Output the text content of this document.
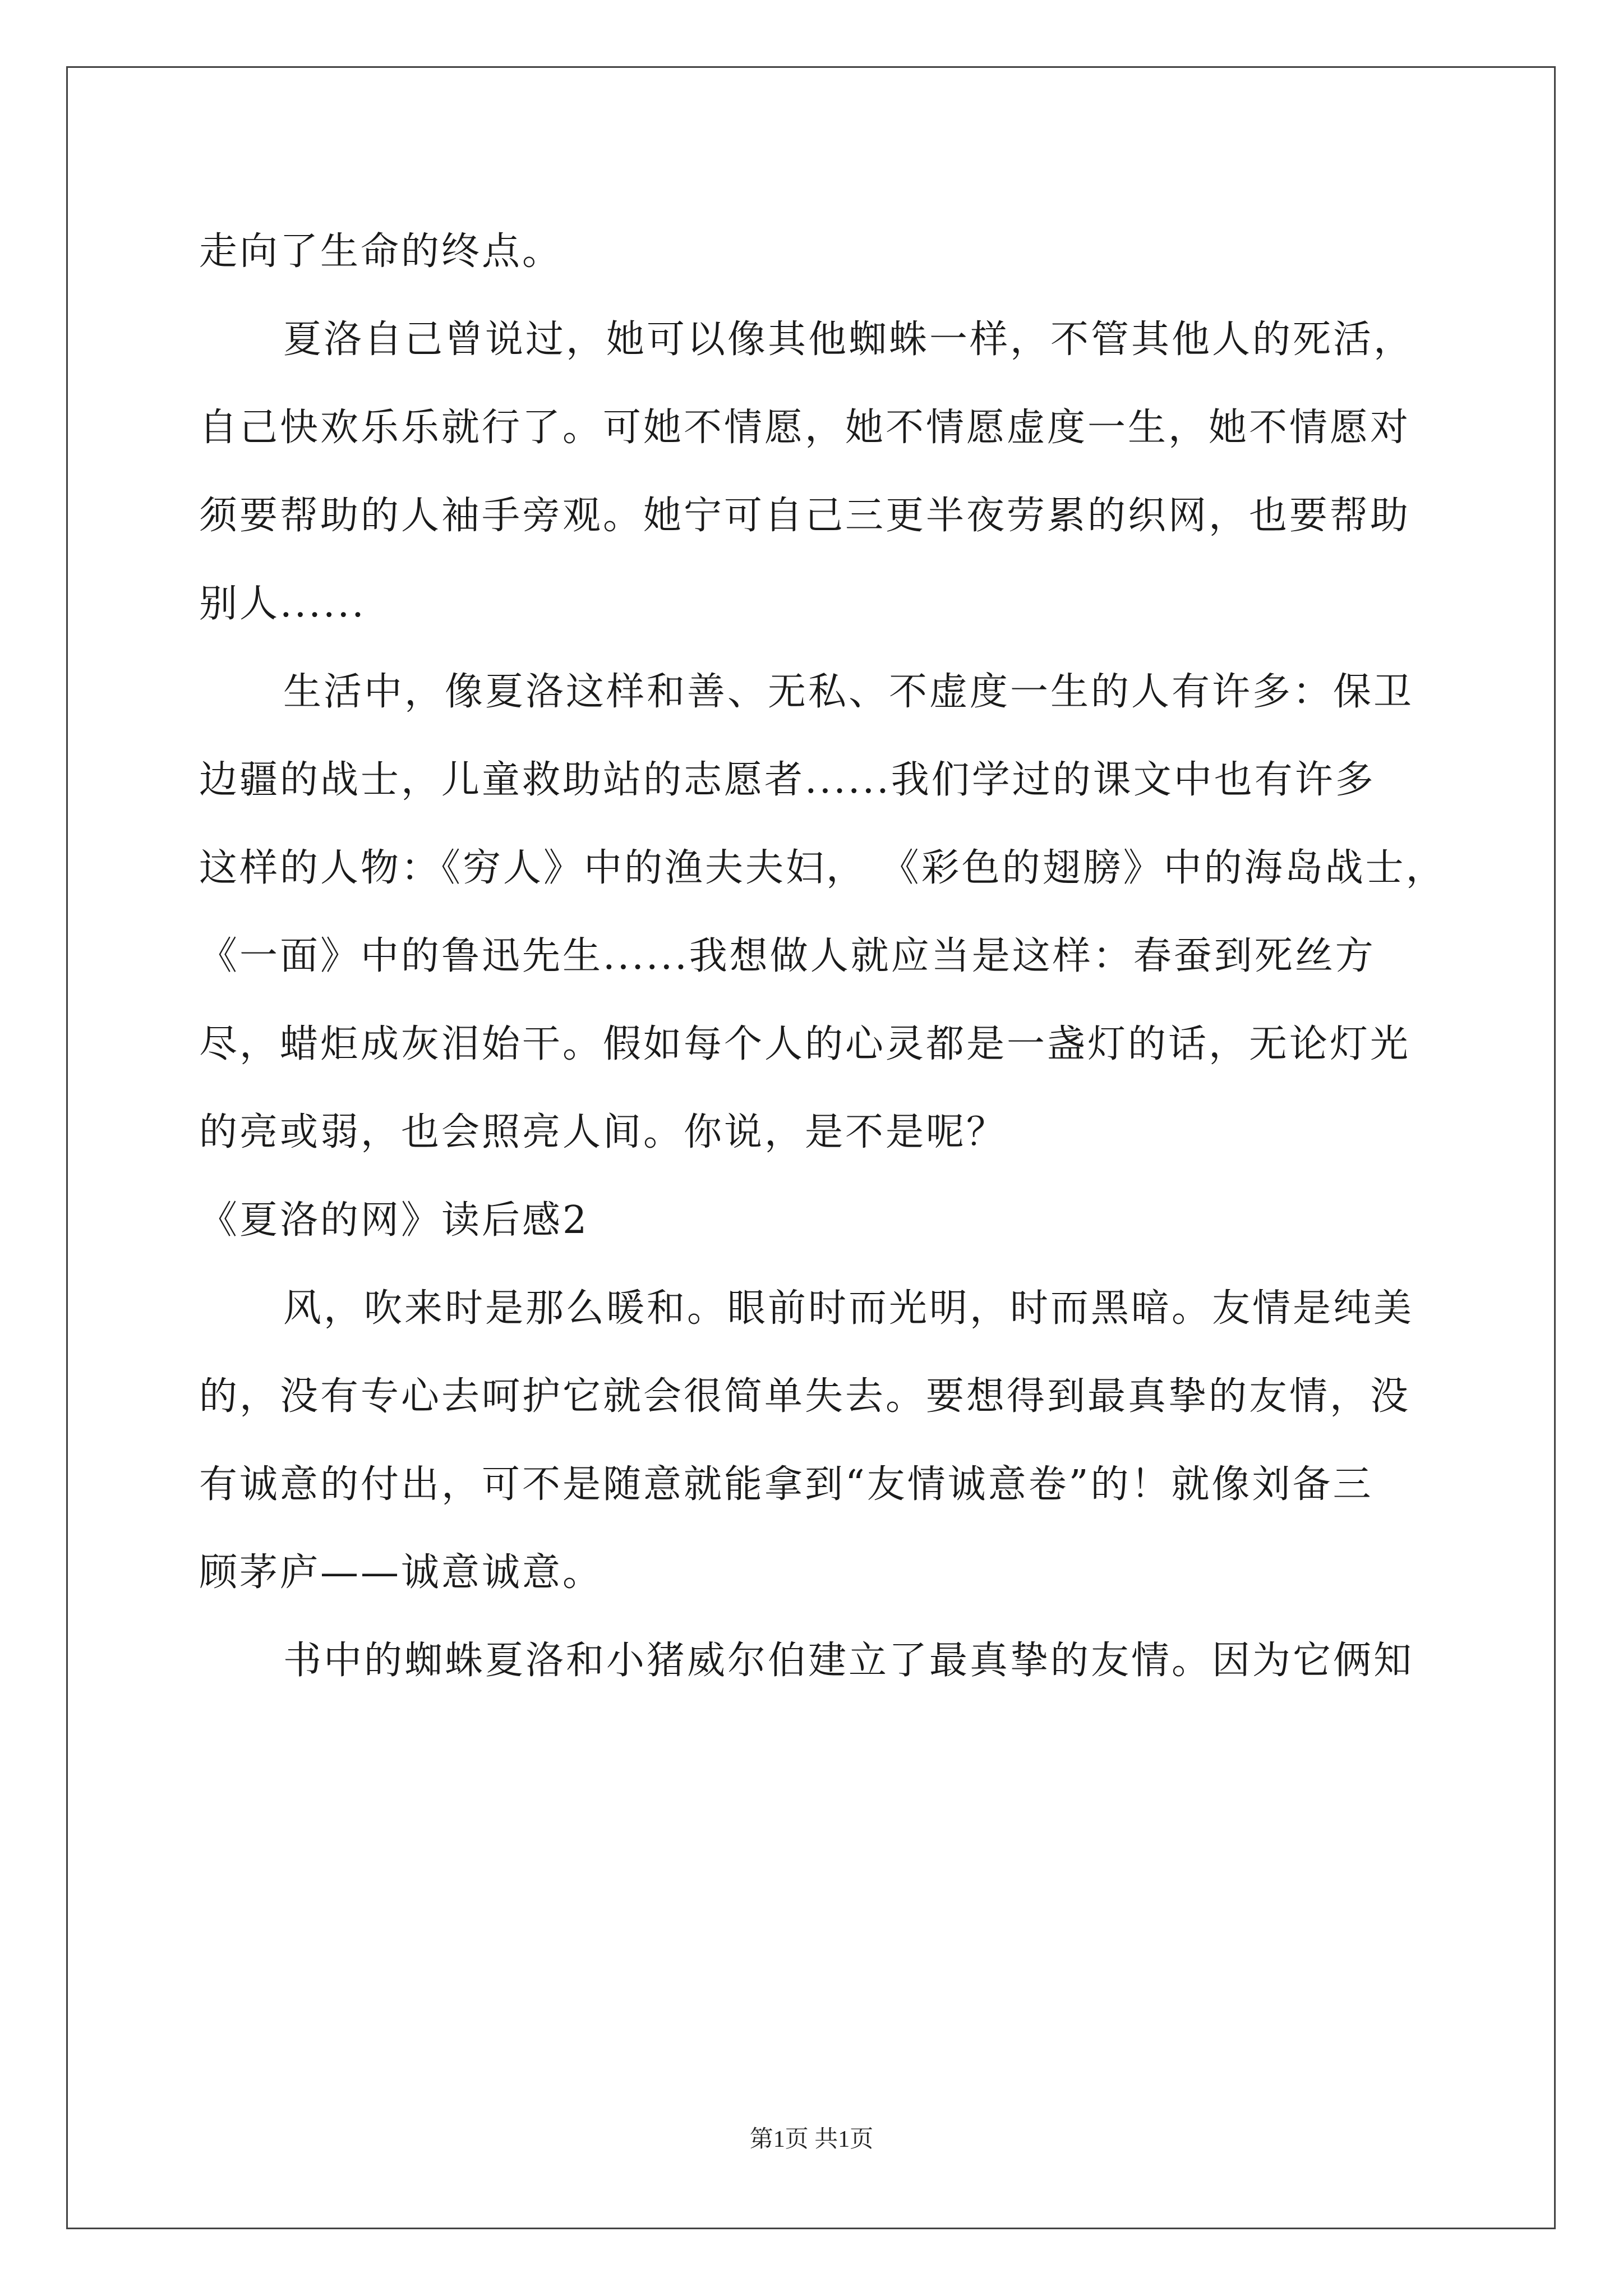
走向了生命的终点。
夏洛自己曾说过，她可以像其他蜘蛛一样，不管其他人的死活，
自己快欢乐乐就行了。可她不情愿，她不情愿虚度一生，她不情愿对
须要帮助的人袖手旁观。她宁可自己三更半夜劳累的织网，也要帮助
别人......
生活中，像夏洛这样和善、无私、不虚度一生的人有许多：保卫
边疆的战士，儿童救助站的志愿者......我们学过的课文中也有许多
这样的人物：《穷人》中的渔夫夫妇， 《彩色的翅膀》中的海岛战士，
《一面》中的鲁迅先生......我想做人就应当是这样：春蚕到死丝方
尽，蜡炬成灰泪始干。假如每个人的心灵都是一盏灯的话，无论灯光
的亮或弱，也会照亮人间。你说，是不是呢？
《夏洛的网》读后感2
风，吹来时是那么暖和。眼前时而光明，时而黑暗。友情是纯美
的，没有专心去呵护它就会很简单失去。要想得到最真挚的友情，没
有诚意的付出，可不是随意就能拿到“友情诚意卷”的！就像刘备三
顾茅庐——诚意诚意。
书中的蜘蛛夏洛和小猪威尔伯建立了最真挚的友情。因为它俩知
第1页 共1页
